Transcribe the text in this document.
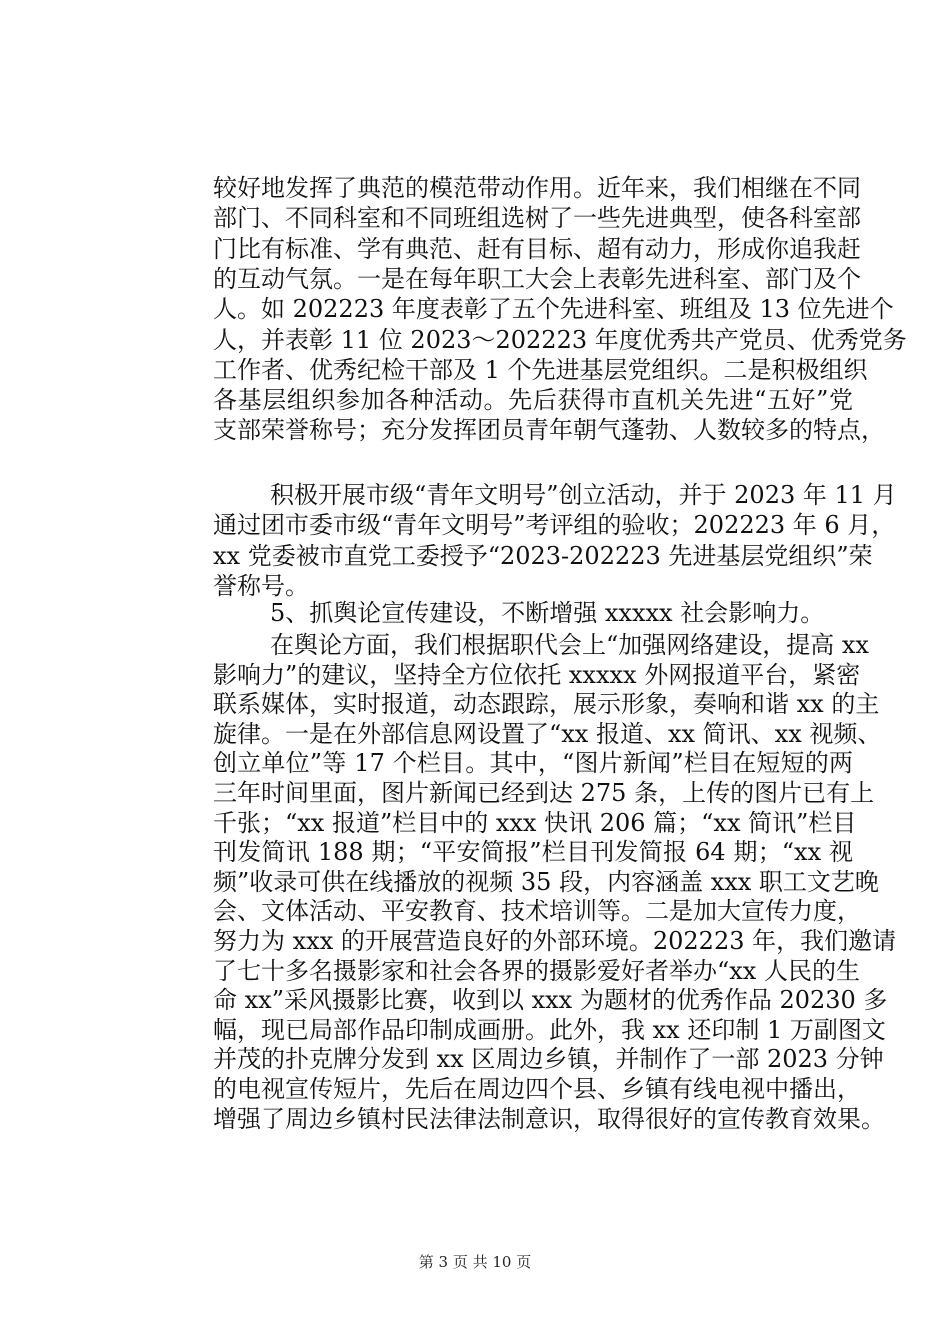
较好地发挥了典范的模范带动作用。近年来，我们相继在不同
部门、不同科室和不同班组选树了一些先进典型，使各科室部
门比有标准、学有典范、赶有目标、超有动力，形成你追我赶
的互动气氛。一是在每年职工大会上表彰先进科室、部门及个
人。如 202223 年度表彰了五个先进科室、班组及 13 位先进个
人，并表彰 11 位 2023～202223 年度优秀共产党员、优秀党务
工作者、优秀纪检干部及 1 个先进基层党组织。二是积极组织
各基层组织参加各种活动。先后获得市直机关先进“五好”党
支部荣誉称号；充分发挥团员青年朝气蓬勃、人数较多的特点，
积极开展市级“青年文明号”创立活动，并于 2023 年 11 月
通过团市委市级“青年文明号”考评组的验收；202223 年 6 月，
xx 党委被市直党工委授予“2023-202223 先进基层党组织”荣
誉称号。
5、抓舆论宣传建设，不断增强 xxxxx 社会影响力。
在舆论方面，我们根据职代会上“加强网络建设，提高 xx
影响力”的建议，坚持全方位依托 xxxxx 外网报道平台，紧密
联系媒体，实时报道，动态跟踪，展示形象，奏响和谐 xx 的主
旋律。一是在外部信息网设置了“xx 报道、xx 简讯、xx 视频、
创立单位”等 17 个栏目。其中，“图片新闻”栏目在短短的两
三年时间里面，图片新闻已经到达 275 条，上传的图片已有上
千张；“xx 报道”栏目中的 xxx 快讯 206 篇；“xx 简讯”栏目
刊发简讯 188 期；“平安简报”栏目刊发简报 64 期；“xx 视
频”收录可供在线播放的视频 35 段，内容涵盖 xxx 职工文艺晚
会、文体活动、平安教育、技术培训等。二是加大宣传力度，
努力为 xxx 的开展营造良好的外部环境。202223 年，我们邀请
了七十多名摄影家和社会各界的摄影爱好者举办“xx 人民的生
命 xx”采风摄影比赛，收到以 xxx 为题材的优秀作品 20230 多
幅，现已局部作品印制成画册。此外，我 xx 还印制 1 万副图文
并茂的扑克牌分发到 xx 区周边乡镇，并制作了一部 2023 分钟
的电视宣传短片，先后在周边四个县、乡镇有线电视中播出，
增强了周边乡镇村民法律法制意识，取得很好的宣传教育效果。
第 3 页 共 10 页
